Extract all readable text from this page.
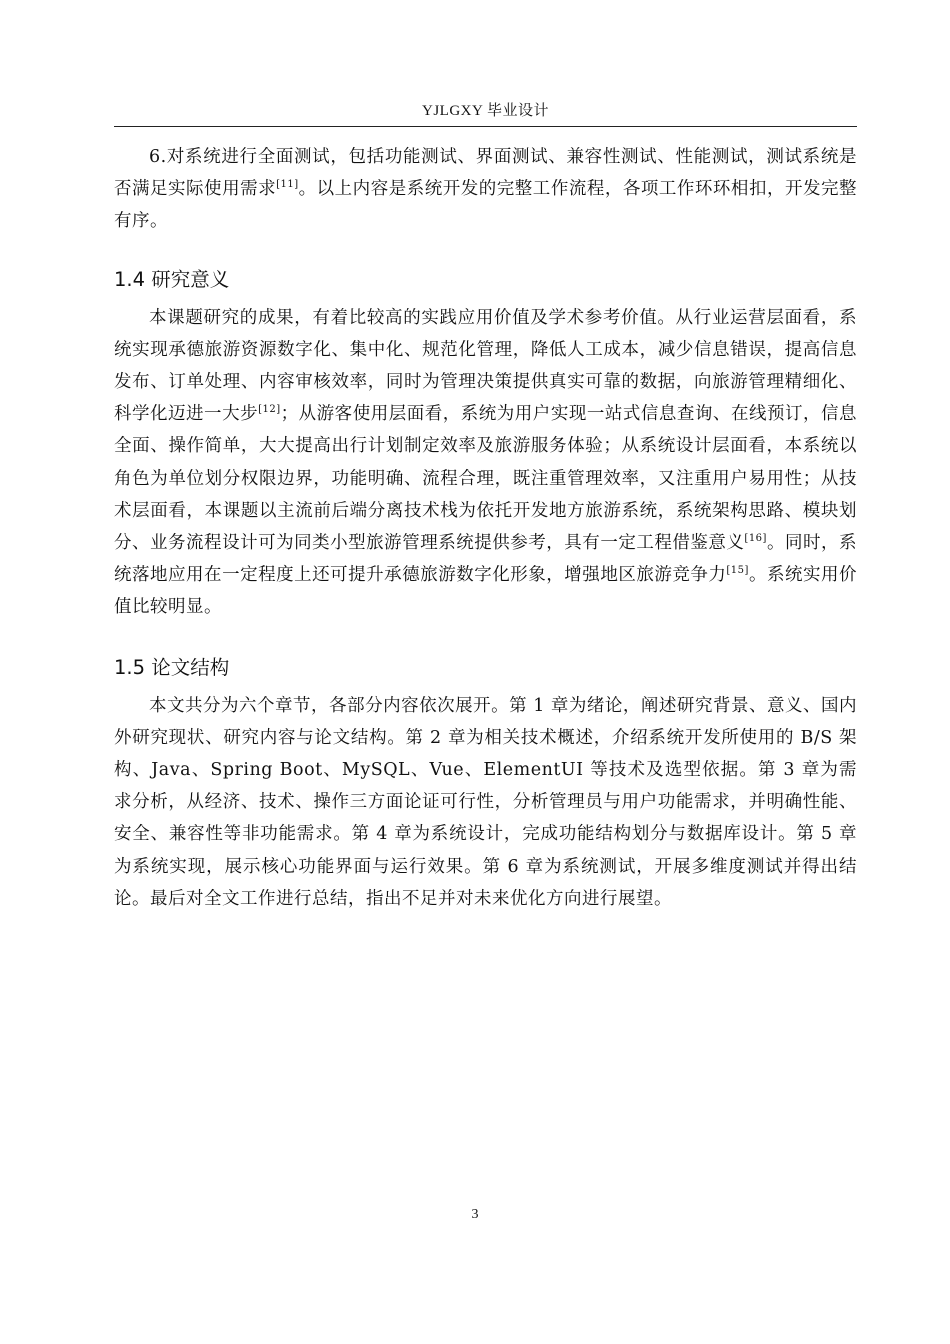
YJLGXY 毕业设计

6.对系统进行全面测试，包括功能测试、界面测试、兼容性测试、性能测试，测试系统是否满足实际使用需求[11]。以上内容是系统开发的完整工作流程，各项工作环环相扣，开发完整有序。

1.4 研究意义

本课题研究的成果，有着比较高的实践应用价值及学术参考价值。从行业运营层面看，系统实现承德旅游资源数字化、集中化、规范化管理，降低人工成本，减少信息错误，提高信息发布、订单处理、内容审核效率，同时为管理决策提供真实可靠的数据，向旅游管理精细化、科学化迈进一大步[12]；从游客使用层面看，系统为用户实现一站式信息查询、在线预订，信息全面、操作简单，大大提高出行计划制定效率及旅游服务体验；从系统设计层面看，本系统以角色为单位划分权限边界，功能明确、流程合理，既注重管理效率，又注重用户易用性；从技术层面看，本课题以主流前后端分离技术栈为依托开发地方旅游系统，系统架构思路、模块划分、业务流程设计可为同类小型旅游管理系统提供参考，具有一定工程借鉴意义[16]。同时，系统落地应用在一定程度上还可提升承德旅游数字化形象，增强地区旅游竞争力[15]。系统实用价值比较明显。

1.5 论文结构

本文共分为六个章节，各部分内容依次展开。第 1 章为绪论，阐述研究背景、意义、国内外研究现状、研究内容与论文结构。第 2 章为相关技术概述，介绍系统开发所使用的 B/S 架构、Java、Spring Boot、MySQL、Vue、ElementUI 等技术及选型依据。第 3 章为需求分析，从经济、技术、操作三方面论证可行性，分析管理员与用户功能需求，并明确性能、安全、兼容性等非功能需求。第 4 章为系统设计，完成功能结构划分与数据库设计。第 5 章为系统实现，展示核心功能界面与运行效果。第 6 章为系统测试，开展多维度测试并得出结论。最后对全文工作进行总结，指出不足并对未来优化方向进行展望。

3
